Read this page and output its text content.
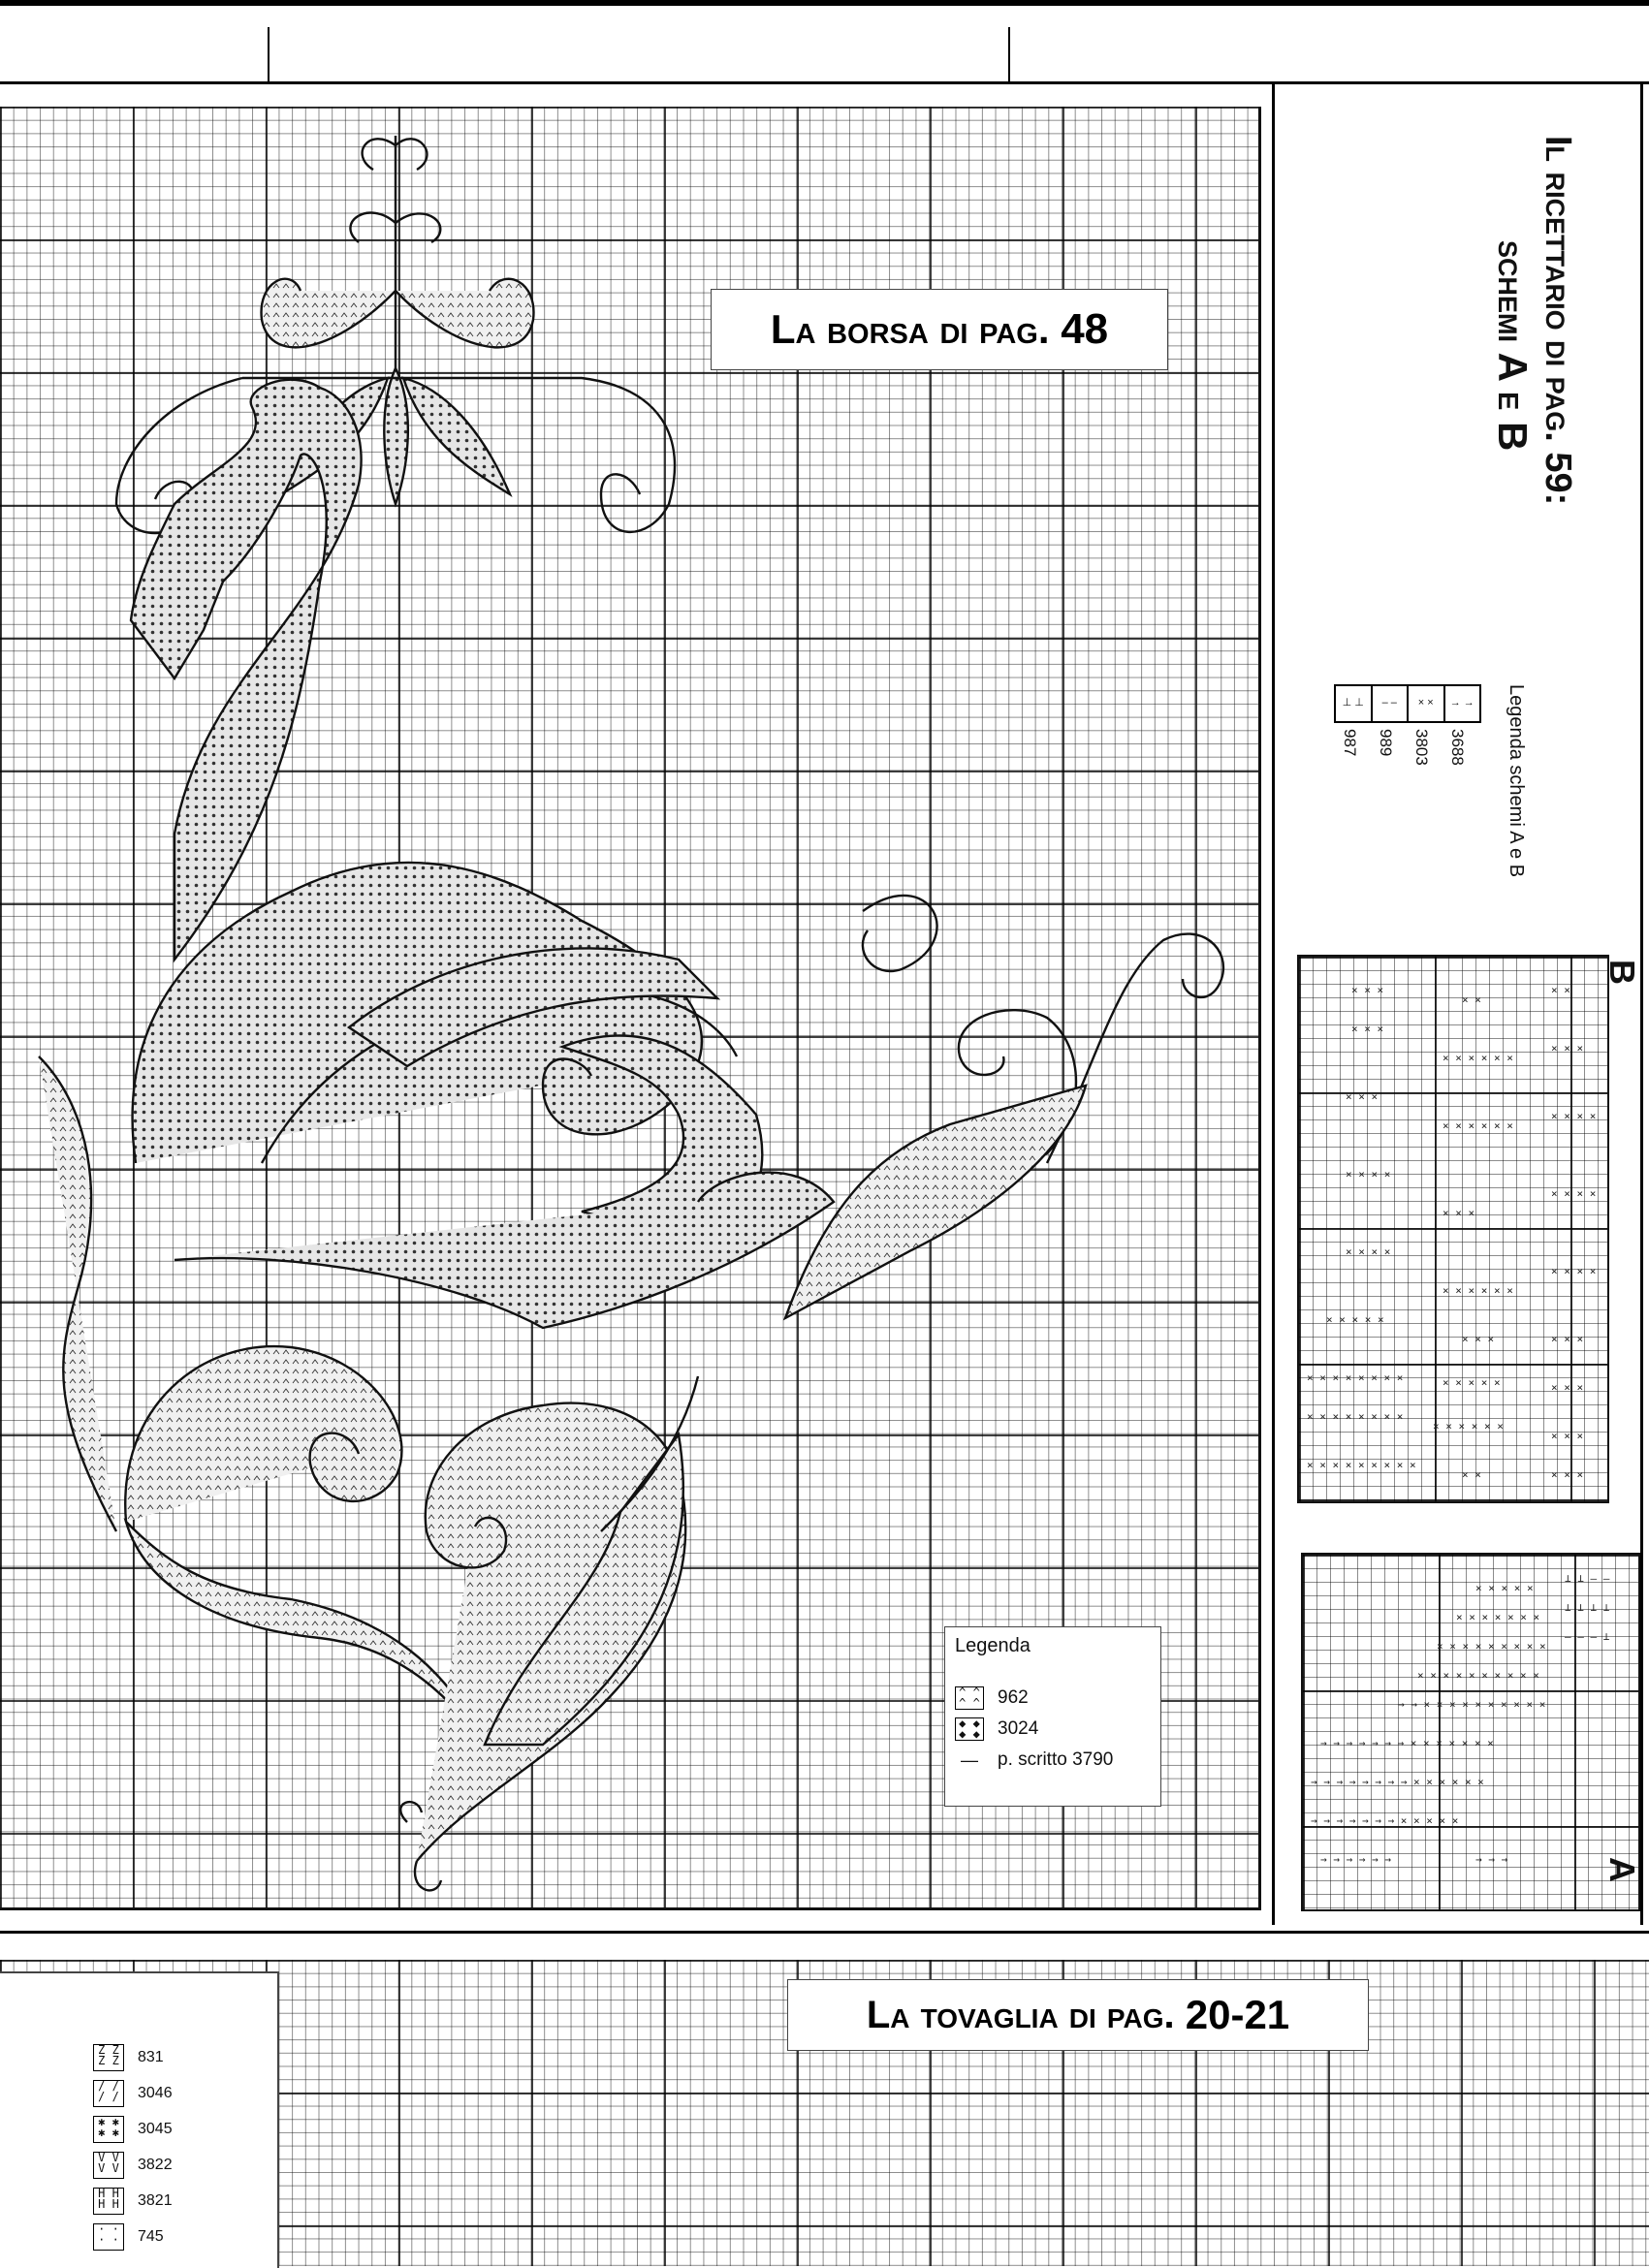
La borsa di pag.
48
Legenda
^ ^
^ ^ 962
◆ ◆
◆ ◆ 3024
—	p. scritto 3790
Il ricettario di pag. 59:
schemi A e B
Legenda schemi A e B
⊥ ⊥	– –	× ×	→ →
987 989 3803 3688
× × ×
× ×
× ×
× × ×
× × × × × ×
× × ×
× × ×
× × × × × ×
× × × ×
× × × ×
× × ×
× × × ×
× × × ×
× × × × × ×
× × × ×
× × × × ×
× × ×	× × ×
× × × × × × × ×	× × × × ×	× × ×
× × × × × × × ×
× × × × × ×
× × ×
× × × × × × × × ×
× ×	× × ×
B
× × × × ×
⊥ ⊥ – –
× × × × × × ×
⊥ ⊥ ⊥ ⊥
× × × × × × × × ×
– – – ⊥
× × × × × × × × × ×
→ → × × × × × × × × × ×
→ → → → → → → × × × × × × ×
→ → → → → → → → × × × × × ×
→ → → → → → → × × × × ×
→ → → → → →	→ → →	A
Z Z
Z Z	831
/ /
/ /	3046
✱ ✱
✱ ✱	3045
V V
V V	3822
H H
H H	3821
· ·
· ·	745
La tovaglia di pag.
20-21
